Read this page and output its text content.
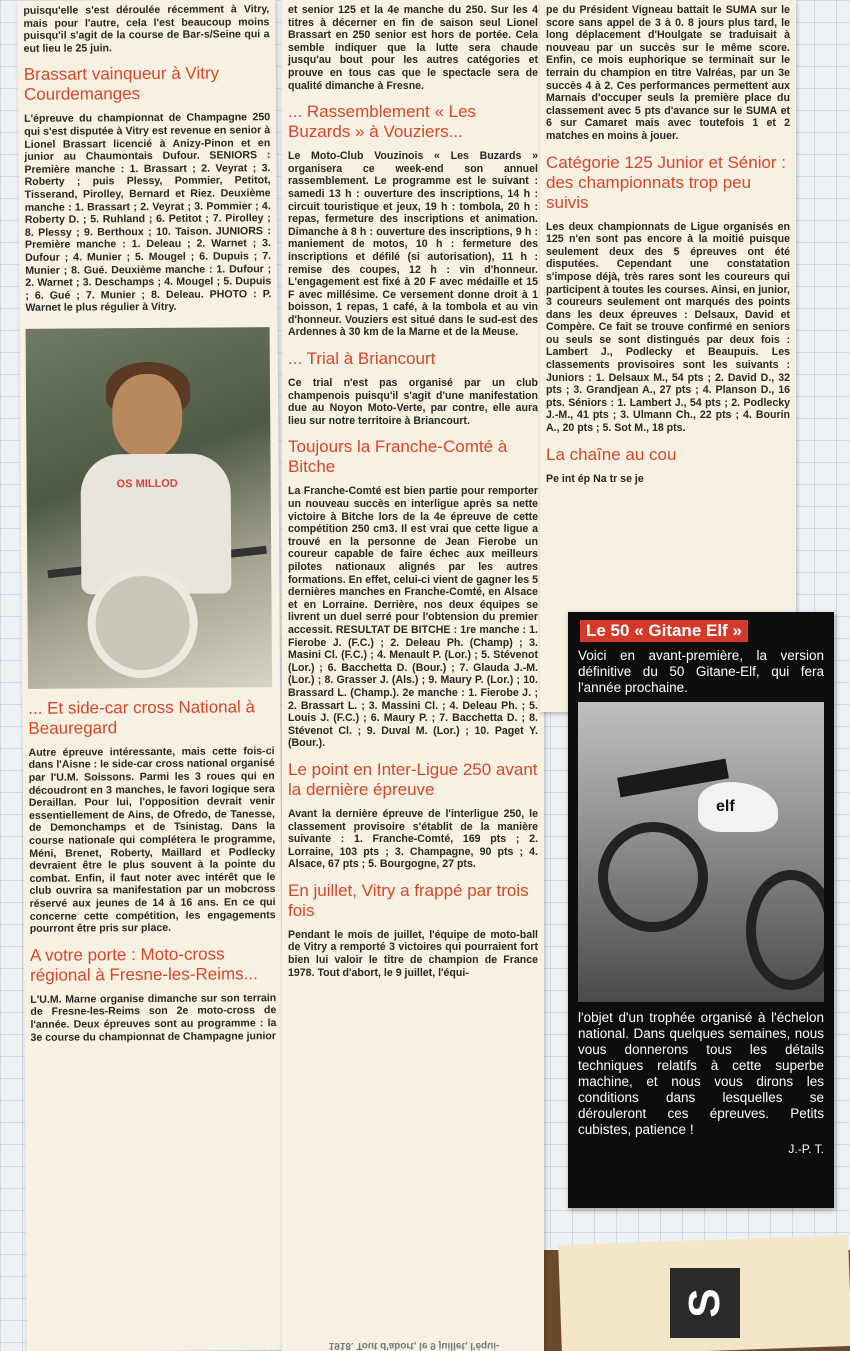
S

puisqu'elle s'est déroulée récemment à Vitry, mais pour l'autre, cela l'est beaucoup moins puisqu'il s'agit de la course de Bar-s/Seine qui a eut lieu le 25 juin.

Brassart vainqueur à Vitry Courdemanges

L'épreuve du championnat de Champagne 250 qui s'est disputée à Vitry est revenue en senior à Lionel Brassart licencié à Anizy-Pinon et en junior au Chaumontais Dufour. SENIORS : Première manche : 1. Brassart ; 2. Veyrat ; 3. Roberty ; puis Plessy, Pommier, Petitot, Tisserand, Pirolley, Bernard et Riez. Deuxième manche : 1. Brassart ; 2. Veyrat ; 3. Pommier ; 4. Roberty D. ; 5. Ruhland ; 6. Petitot ; 7. Pirolley ; 8. Plessy ; 9. Berthoux ; 10. Taison. JUNIORS : Première manche : 1. Deleau ; 2. Warnet ; 3. Dufour ; 4. Munier ; 5. Mougel ; 6. Dupuis ; 7. Munier ; 8. Gué. Deuxième manche : 1. Dufour ; 2. Warnet ; 3. Deschamps ; 4. Mougel ; 5. Dupuis ; 6. Gué ; 7. Munier ; 8. Deleau. PHOTO : P. Warnet le plus régulier à Vitry.

OS MILLOD
... Et side-car cross National à Beauregard

Autre épreuve intéressante, mais cette fois-ci dans l'Aisne : le side-car cross national organisé par l'U.M. Soissons. Parmi les 3 roues qui en découdront en 3 manches, le favori logique sera Deraillan. Pour lui, l'opposition devrait venir essentiellement de Ains, de Ofredo, de Tanesse, de Demonchamps et de Tsinistag. Dans la course nationale qui complétera le programme, Méni, Brenet, Roberty, Maillard et Podlecky devraient être le plus souvent à la pointe du combat. Enfin, il faut noter avec intérêt que le club ouvrira sa manifestation par un mobcross réservé aux jeunes de 14 à 16 ans. En ce qui concerne cette compétition, les engagements pourront être pris sur place.

A votre porte : Moto-cross régional à Fresne-les-Reims...

L'U.M. Marne organise dimanche sur son terrain de Fresne-les-Reims son 2e moto-cross de l'année. Deux épreuves sont au programme : la 3e course du championnat de Champagne junior

et senior 125 et la 4e manche du 250. Sur les 4 titres à décerner en fin de saison seul Lionel Brassart en 250 senior est hors de portée. Cela semble indiquer que la lutte sera chaude jusqu'au bout pour les autres catégories et prouve en tous cas que le spectacle sera de qualité dimanche à Fresne.

... Rassemblement « Les Buzards » à Vouziers...

Le Moto-Club Vouzinois « Les Buzards » organisera ce week-end son annuel rassemblement. Le programme est le suivant : samedi 13 h : ouverture des inscriptions, 14 h : circuit touristique et jeux, 19 h : tombola, 20 h : repas, fermeture des inscriptions et animation. Dimanche à 8 h : ouverture des inscriptions, 9 h : maniement de motos, 10 h : fermeture des inscriptions et défilé (si autorisation), 11 h : remise des coupes, 12 h : vin d'honneur. L'engagement est fixé à 20 F avec médaille et 15 F avec millésime. Ce versement donne droit à 1 boisson, 1 repas, 1 café, à la tombola et au vin d'honneur. Vouziers est situé dans le sud-est des Ardennes à 30 km de la Marne et de la Meuse.

... Trial à Briancourt

Ce trial n'est pas organisé par un club champenois puisqu'il s'agit d'une manifestation due au Noyon Moto-Verte, par contre, elle aura lieu sur notre territoire à Briancourt.

Toujours la Franche-Comté à Bitche

La Franche-Comté est bien partie pour remporter un nouveau succès en interligue après sa nette victoire à Bitche lors de la 4e épreuve de cette compétition 250 cm3. Il est vrai que cette ligue a trouvé en la personne de Jean Fierobe un coureur capable de faire échec aux meilleurs pilotes nationaux alignés par les autres formations. En effet, celui-ci vient de gagner les 5 dernières manches en Franche-Comté, en Alsace et en Lorraine. Derrière, nos deux équipes se livrent un duel serré pour l'obtension du premier accessit. RESULTAT DE BITCHE : 1re manche : 1. Fierobe J. (F.C.) ; 2. Deleau Ph. (Champ) ; 3. Masini Cl. (F.C.) ; 4. Menault P. (Lor.) ; 5. Stévenot (Lor.) ; 6. Bacchetta D. (Bour.) ; 7. Glauda J.-M. (Lor.) ; 8. Grasser J. (Als.) ; 9. Maury P. (Lor.) ; 10. Brassard L. (Champ.). 2e manche : 1. Fierobe J. ; 2. Brassart L. ; 3. Massini Cl. ; 4. Deleau Ph. ; 5. Louis J. (F.C.) ; 6. Maury P. ; 7. Bacchetta D. ; 8. Stévenot Cl. ; 9. Duval M. (Lor.) ; 10. Paget Y. (Bour.).

Le point en Inter-Ligue 250 avant la dernière épreuve

Avant la dernière épreuve de l'interligue 250, le classement provisoire s'établit de la manière suivante : 1. Franche-Comté, 169 pts ; 2. Lorraine, 103 pts ; 3. Champagne, 90 pts ; 4. Alsace, 67 pts ; 5. Bourgogne, 27 pts.

En juillet, Vitry a frappé par trois fois

Pendant le mois de juillet, l'équipe de moto-ball de Vitry a remporté 3 victoires qui pourraient fort bien lui valoir le titre de champion de France 1978. Tout d'abort, le 9 juillet, l'équi-

1918. Tout d'abort, le 9 juillet, l'équi-

pe du Président Vigneau battait le SUMA sur le score sans appel de 3 à 0. 8 jours plus tard, le long déplacement d'Houlgate se traduisait à nouveau par un succès sur le même score. Enfin, ce mois euphorique se terminait sur le terrain du champion en titre Valréas, par un 3e succès 4 à 2. Ces performances permettent aux Marnais d'occuper seuls la première place du classement avec 5 pts d'avance sur le SUMA et 6 sur Camaret mais avec toutefois 1 et 2 matches en moins à jouer.

Catégorie 125 Junior et Sénior : des championnats trop peu suivis

Les deux championnats de Ligue organisés en 125 n'en sont pas encore à la moitié puisque seulement deux des 5 épreuves ont été disputées. Cependant une constatation s'impose déjà, très rares sont les coureurs qui participent à toutes les courses. Ainsi, en junior, 3 coureurs seulement ont marqués des points dans les deux épreuves : Delsaux, David et Compère. Ce fait se trouve confirmé en seniors ou seuls se sont distingués par deux fois : Lambert J., Podlecky et Beaupuis. Les classements provisoires sont les suivants : Juniors : 1. Delsaux M., 54 pts ; 2. David D., 32 pts ; 3. Grandjean A., 27 pts ; 4. Planson D., 16 pts. Séniors : 1. Lambert J., 54 pts ; 2. Podlecky J.-M., 41 pts ; 3. Ulmann Ch., 22 pts ; 4. Bourin A., 20 pts ; 5. Sot M., 18 pts.

La chaîne au cou

Pe int ép Na tr se je

Le 50 « Gitane Elf »

Voici en avant-première, la version définitive du 50 Gitane-Elf, qui fera l'année prochaine.

elf

l'objet d'un trophée organisé à l'échelon national. Dans quelques semaines, nous vous donnerons tous les détails techniques relatifs à cette superbe machine, et nous vous dirons les conditions dans lesquelles se dérouleront ces épreuves. Petits cubistes, patience !

J.-P. T.
